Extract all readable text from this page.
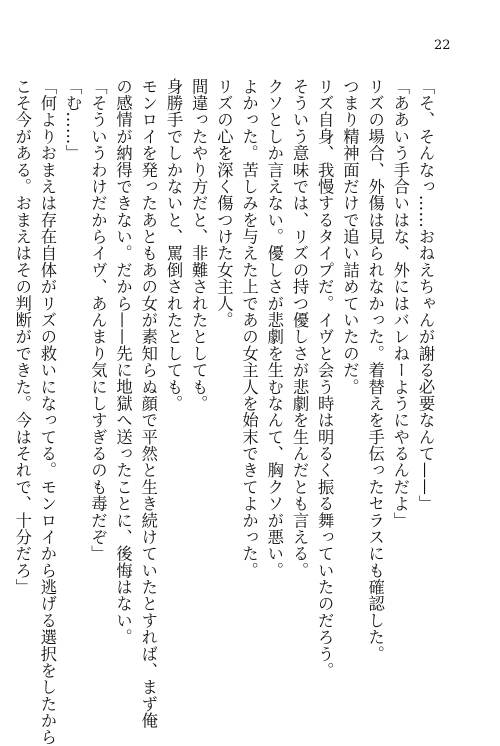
22
「そ、そんなっ……おねえちゃんが謝る必要なんて——」
「ああいう手合いはな、外にはバレねーようにやるんだよ」
リズの場合、外傷は見られなかった。着替えを手伝ったセラスにも確認した。
つまり精神面だけで追い詰めていたのだ。
リズ自身、我慢するタイプだ。イヴと会う時は明るく振る舞っていたのだろう。
そういう意味では、リズの持つ優しさが悲劇を生んだとも言える。
クソとしか言えない。優しさが悲劇を生むなんて、胸クソが悪い。
よかった。苦しみを与えた上であの女主人を始末できてよかった。
リズの心を深く傷つけた女主人。
間違ったやり方だと、非難されたとしても。
身勝手でしかないと、罵倒されたとしても。
モンロイを発ったあともあの女が素知らぬ顔で平然と生き続けていたとすれば、まず俺
の感情が納得できない。だから——先に地獄へ送ったことに、後悔はない。
「そういうわけだからイヴ、あんまり気にしすぎるのも毒だぞ」
「む……」
「何よりおまえは存在自体がリズの救いになってる。モンロイから逃げる選択をしたから
こそ今がある。おまえはその判断ができた。今はそれで、十分だろ」
